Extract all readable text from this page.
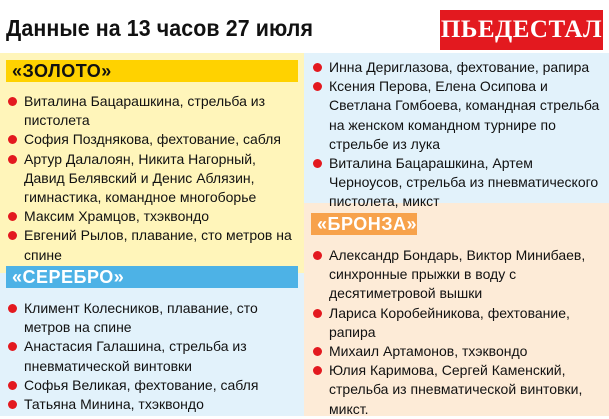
Данные на 13 часов 27 июля	ПЬЕДЕСТАЛ
«ЗОЛОТО»
«СЕРЕБРО»
«БРОНЗА»
Виталина Бацарашкина, стрельба из пистолета
София Позднякова, фехтование, сабля
Артур Далалоян, Никита Нагорный, Давид Белявский и Денис Аблязин, гимнастика, командное многоборье
Максим Храмцов, тхэквондо
Евгений Рылов, плавание, сто метров на спине
Климент Колесников, плавание, сто метров на спине
Анастасия Галашина, стрельба из пневматической винтовки
Софья Великая, фехтование, сабля
Татьяна Минина, тхэквондо
Инна Дериглазова, фехтование, рапира
Ксения Перова, Елена Осипова и Светлана Гомбоева, командная стрельба на женском командном турнире по стрельбе из лука
Виталина Бацарашкина, Артем Черноусов, стрельба из пневматического пистолета, микст
Александр Бондарь, Виктор Минибаев, синхронные прыжки в воду с десятиметровой вышки
Лариса Коробейникова, фехтование, рапира
Михаил Артамонов, тхэквондо
Юлия Каримова, Сергей Каменский, стрельба из пневматической винтовки, микст.
